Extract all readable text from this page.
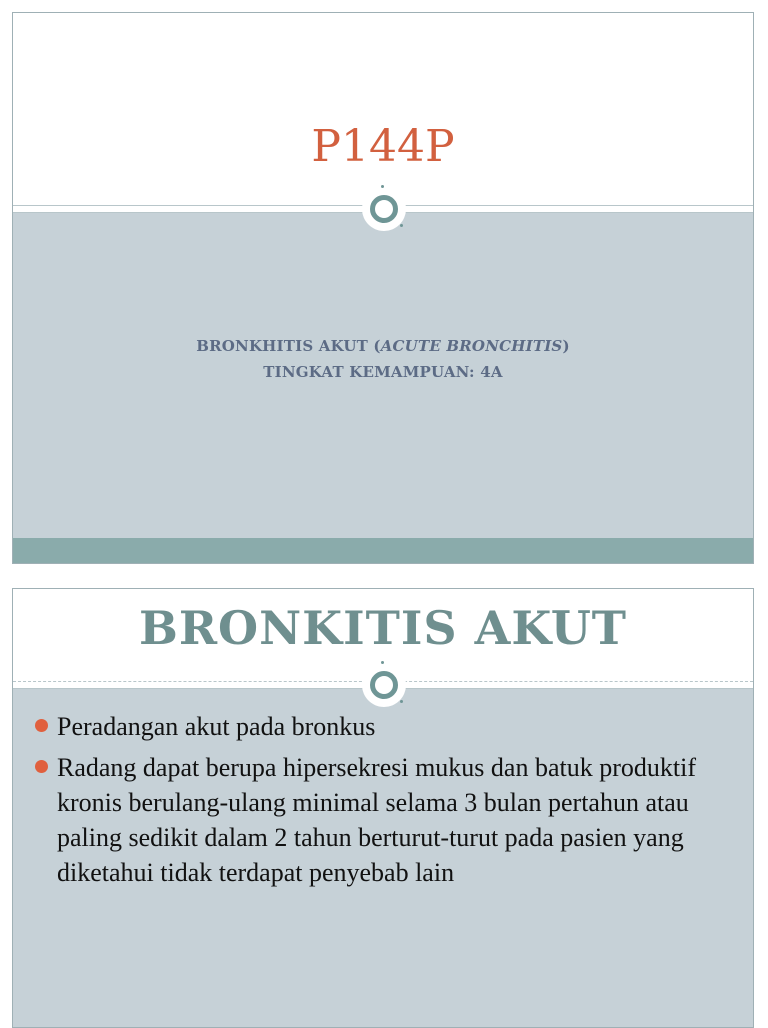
P144P
BRONKHITIS AKUT (ACUTE BRONCHITIS)
TINGKAT KEMAMPUAN: 4A
BRONKITIS AKUT
Peradangan akut pada bronkus
Radang dapat berupa hipersekresi mukus dan batuk produktif kronis berulang-ulang minimal selama 3 bulan pertahun atau paling sedikit dalam 2 tahun berturut-turut pada pasien yang diketahui tidak terdapat penyebab lain
